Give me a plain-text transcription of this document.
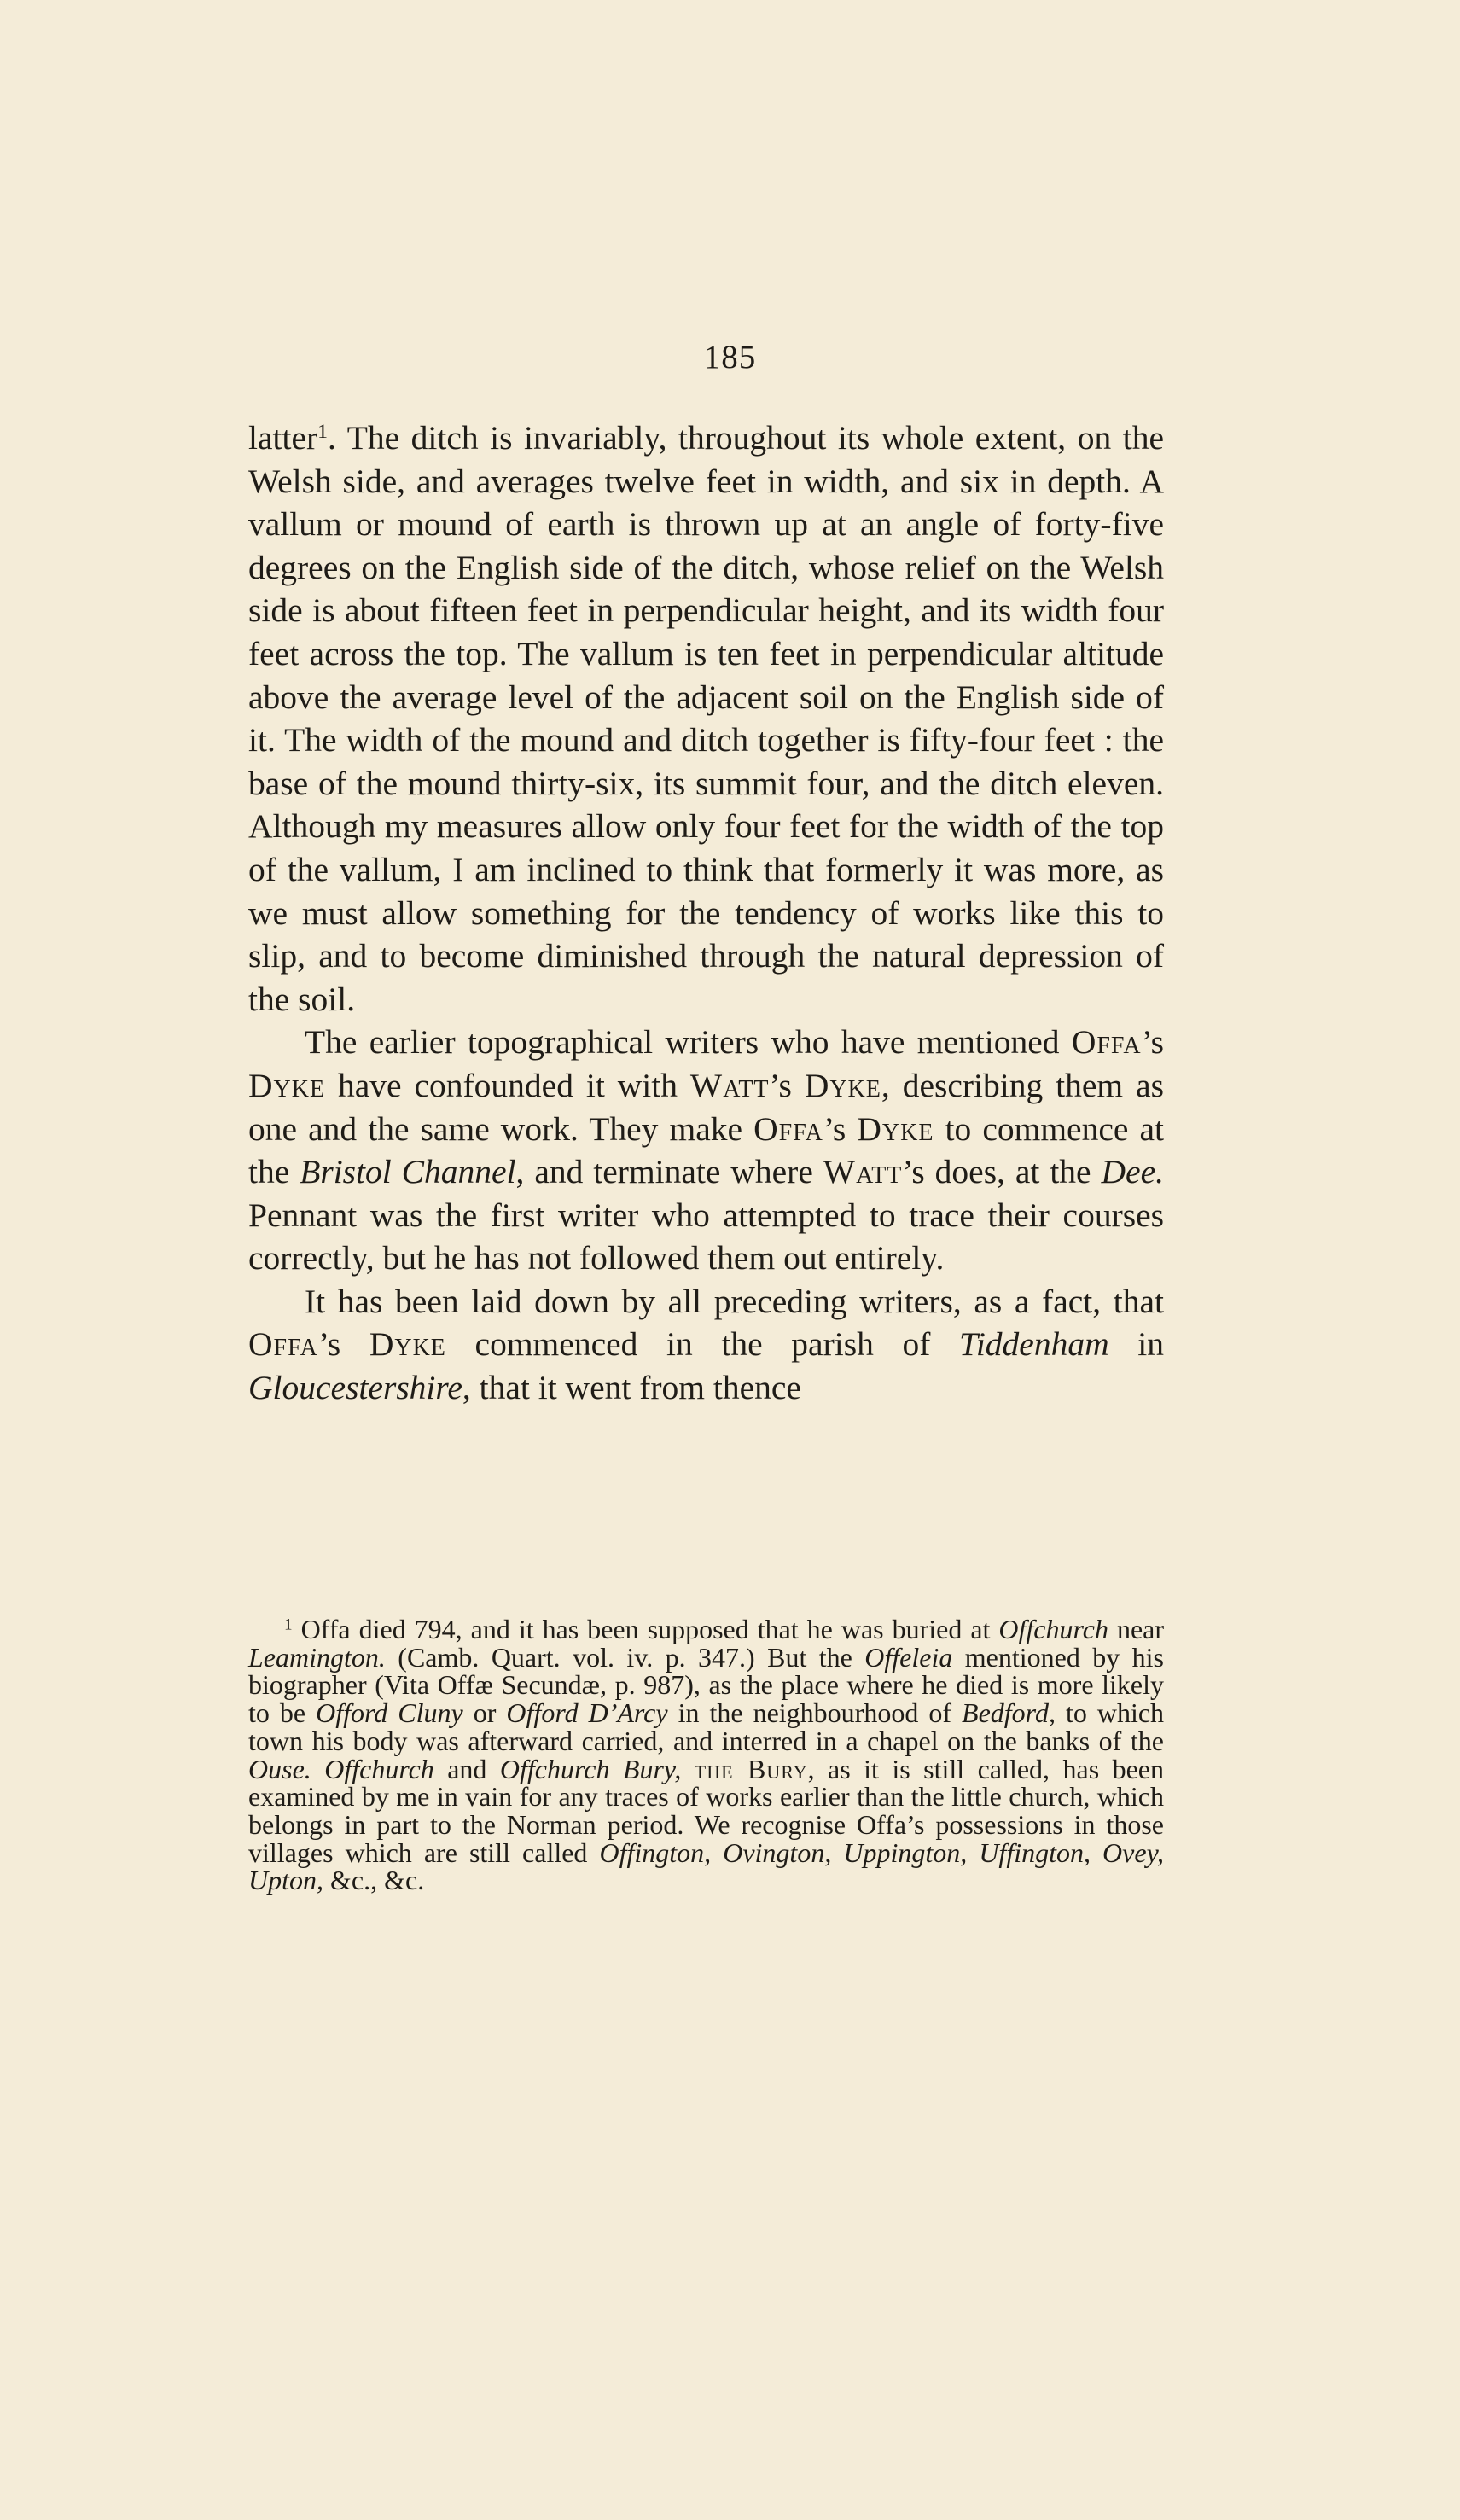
185

latter$^1$. The ditch is invariably, throughout its whole extent, on the Welsh side, and averages twelve feet in width, and six in depth. A vallum or mound of earth is thrown up at an angle of forty-five degrees on the English side of the ditch, whose relief on the Welsh side is about fifteen feet in perpendicular height, and its width four feet across the top. The vallum is ten feet in perpendicular altitude above the average level of the adjacent soil on the English side of it. The width of the mound and ditch together is fifty-four feet : the base of the mound thirty-six, its summit four, and the ditch eleven. Although my measures allow only four feet for the width of the top of the vallum, I am inclined to think that formerly it was more, as we must allow something for the tendency of works like this to slip, and to become diminished through the natural depression of the soil.

The earlier topographical writers who have mentioned Offa’s Dyke have confounded it with Watt’s Dyke, describing them as one and the same work. They make Offa’s Dyke to commence at the Bristol Channel, and terminate where Watt’s does, at the Dee. Pennant was the first writer who attempted to trace their courses correctly, but he has not followed them out entirely.

It has been laid down by all preceding writers, as a fact, that Offa’s Dyke commenced in the parish of Tiddenham in Gloucestershire, that it went from thence

$^1$ Offa died 794, and it has been supposed that he was buried at Offchurch near Leamington. (Camb. Quart. vol. iv. p. 347.) But the Offeleia mentioned by his biographer (Vita Offæ Secundæ, p. 987), as the place where he died is more likely to be Offord Cluny or Offord D’Arcy in the neighbourhood of Bedford, to which town his body was afterward carried, and interred in a chapel on the banks of the Ouse. Offchurch and Offchurch Bury, the Bury, as it is still called, has been examined by me in vain for any traces of works earlier than the little church, which belongs in part to the Norman period. We recognise Offa’s possessions in those villages which are still called Offington, Ovington, Uppington, Uffington, Ovey, Upton, &c., &c.
